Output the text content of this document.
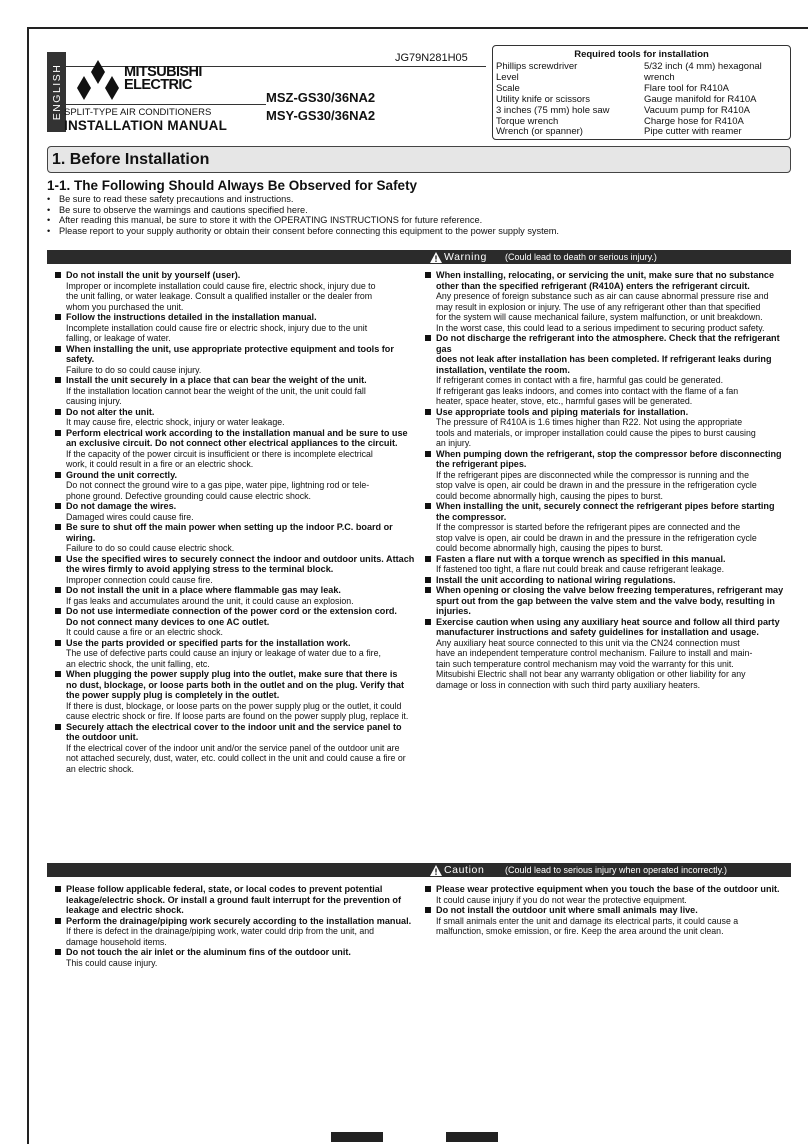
ENGLISH	MITSUBISHI
ELECTRIC
JG79N281H05
SPLIT-TYPE AIR CONDITIONERS
INSTALLATION MANUAL
MSZ-GS30/36NA2
MSY-GS30/36NA2
Required tools for installation
Phillips screwdriver
Level
Scale
Utility knife or scissors
3 inches (75 mm) hole saw
Torque wrench
Wrench (or spanner)
5/32 inch (4 mm) hexagonal
wrench
Flare tool for R410A
Gauge manifold for R410A
Vacuum pump for R410A
Charge hose for R410A
Pipe cutter with reamer
1. Before Installation
1-1. The Following Should Always Be Observed for Safety
• Be sure to read these safety precautions and instructions.
• Be sure to observe the warnings and cautions specified here.
• After reading this manual, be sure to store it with the OPERATING INSTRUCTIONS for future reference.
• Please report to your supply authority or obtain their consent before connecting this equipment to the power supply system.
Warning (Could lead to death or serious injury.)
Do not install the unit by yourself (user).
Improper or incomplete installation could cause fire, electric shock, injury due to
the unit falling, or water leakage. Consult a qualified installer or the dealer from
whom you purchased the unit.
Follow the instructions detailed in the installation manual.
Incomplete installation could cause fire or electric shock, injury due to the unit
falling, or leakage of water.
When installing the unit, use appropriate protective equipment and tools for
safety.
Failure to do so could cause injury.
Install the unit securely in a place that can bear the weight of the unit.
If the installation location cannot bear the weight of the unit, the unit could fall
causing injury.
Do not alter the unit.
It may cause fire, electric shock, injury or water leakage.
Perform electrical work according to the installation manual and be sure to use
an exclusive circuit. Do not connect other electrical appliances to the circuit.
If the capacity of the power circuit is insufficient or there is incomplete electrical
work, it could result in a fire or an electric shock.
Ground the unit correctly.
Do not connect the ground wire to a gas pipe, water pipe, lightning rod or tele-
phone ground. Defective grounding could cause electric shock.
Do not damage the wires.
Damaged wires could cause fire.
Be sure to shut off the main power when setting up the indoor P.C. board or
wiring.
Failure to do so could cause electric shock.
Use the specified wires to securely connect the indoor and outdoor units. Attach
the wires firmly to avoid applying stress to the terminal block.
Improper connection could cause fire.
Do not install the unit in a place where flammable gas may leak.
If gas leaks and accumulates around the unit, it could cause an explosion.
Do not use intermediate connection of the power cord or the extension cord.
Do not connect many devices to one AC outlet.
It could cause a fire or an electric shock.
Use the parts provided or specified parts for the installation work.
The use of defective parts could cause an injury or leakage of water due to a fire,
an electric shock, the unit falling, etc.
When plugging the power supply plug into the outlet, make sure that there is
no dust, blockage, or loose parts both in the outlet and on the plug. Verify that
the power supply plug is completely in the outlet.
If there is dust, blockage, or loose parts on the power supply plug or the outlet, it could
cause electric shock or fire. If loose parts are found on the power supply plug, replace it.
Securely attach the electrical cover to the indoor unit and the service panel to
the outdoor unit.
If the electrical cover of the indoor unit and/or the service panel of the outdoor unit are
not attached securely, dust, water, etc. could collect in the unit and could cause a fire or
an electric shock.
When installing, relocating, or servicing the unit, make sure that no substance
other than the specified refrigerant (R410A) enters the refrigerant circuit.
Any presence of foreign substance such as air can cause abnormal pressure rise and
may result in explosion or injury. The use of any refrigerant other than that specified
for the system will cause mechanical failure, system malfunction, or unit breakdown.
In the worst case, this could lead to a serious impediment to securing product safety.
Do not discharge the refrigerant into the atmosphere. Check that the refrigerant gas
does not leak after installation has been completed. If refrigerant leaks during
installation, ventilate the room.
If refrigerant comes in contact with a fire, harmful gas could be generated.
If refrigerant gas leaks indoors, and comes into contact with the flame of a fan
heater, space heater, stove, etc., harmful gases will be generated.
Use appropriate tools and piping materials for installation.
The pressure of R410A is 1.6 times higher than R22. Not using the appropriate
tools and materials, or improper installation could cause the pipes to burst causing
an injury.
When pumping down the refrigerant, stop the compressor before disconnecting
the refrigerant pipes.
If the refrigerant pipes are disconnected while the compressor is running and the
stop valve is open, air could be drawn in and the pressure in the refrigeration cycle
could become abnormally high, causing the pipes to burst.
When installing the unit, securely connect the refrigerant pipes before starting
the compressor.
If the compressor is started before the refrigerant pipes are connected and the
stop valve is open, air could be drawn in and the pressure in the refrigeration cycle
could become abnormally high, causing the pipes to burst.
Fasten a flare nut with a torque wrench as specified in this manual.
If fastened too tight, a flare nut could break and cause refrigerant leakage.
Install the unit according to national wiring regulations.
When opening or closing the valve below freezing temperatures, refrigerant may
spurt out from the gap between the valve stem and the valve body, resulting in
injuries.
Exercise caution when using any auxiliary heat source and follow all third party
manufacturer instructions and safety guidelines for installation and usage.
Any auxiliary heat source connected to this unit via the CN24 connection must
have an independent temperature control mechanism. Failure to install and main-
tain such temperature control mechanism may void the warranty for this unit.
Mitsubishi Electric shall not bear any warranty obligation or other liability for any
damage or loss in connection with such third party auxiliary heaters.
Caution (Could lead to serious injury when operated incorrectly.)
Please follow applicable federal, state, or local codes to prevent potential
leakage/electric shock. Or install a ground fault interrupt for the prevention of
leakage and electric shock.
Perform the drainage/piping work securely according to the installation manual.
If there is defect in the drainage/piping work, water could drip from the unit, and
damage household items.
Do not touch the air inlet or the aluminum fins of the outdoor unit.
This could cause injury.
Please wear protective equipment when you touch the base of the outdoor unit.
It could cause injury if you do not wear the protective equipment.
Do not install the outdoor unit where small animals may live.
If small animals enter the unit and damage its electrical parts, it could cause a
malfunction, smoke emission, or fire. Keep the area around the unit clean.
